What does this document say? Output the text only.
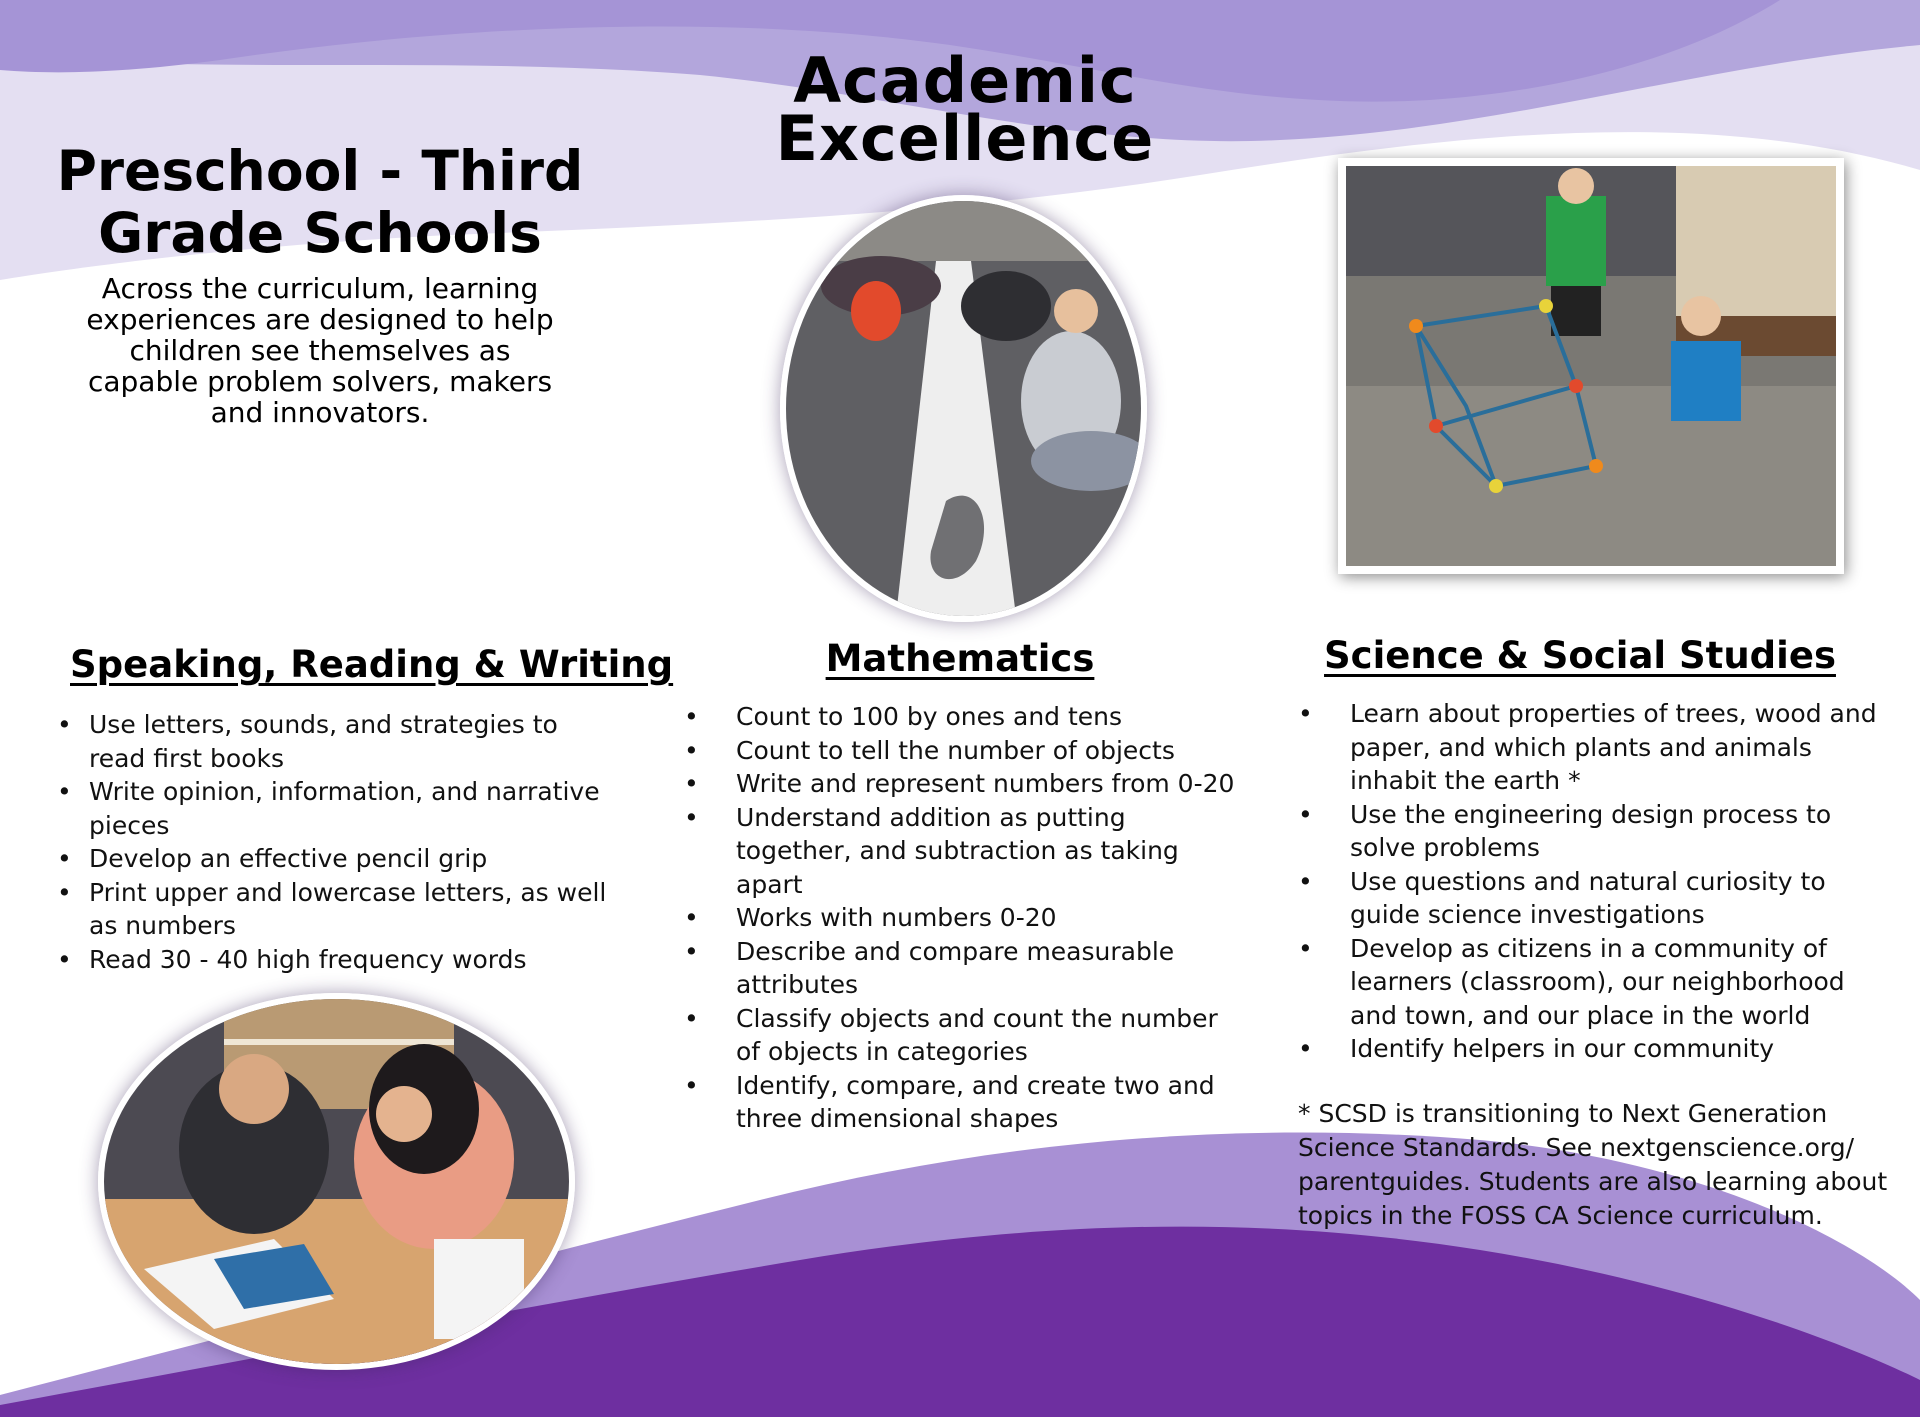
Academic
Excellence
Preschool - Third
Grade Schools

Across the curriculum, learning experiences are designed to help children see themselves as capable problem solvers, makers and innovators.

Speaking, Reading & Writing
• Use letters, sounds, and strategies to read first books
• Write opinion, information, and narrative pieces
• Develop an effective pencil grip
• Print upper and lowercase letters, as well as numbers
• Read 30 - 40 high frequency words
Mathematics
• Count to 100 by ones and tens
• Count to tell the number of objects
• Write and represent numbers from 0-20
• Understand addition as putting together, and subtraction as taking apart
• Works with numbers 0-20
• Describe and compare measurable attributes
• Classify objects and count the number of objects in categories
• Identify, compare, and create two and three dimensional shapes
Science & Social Studies
• Learn about properties of trees, wood and paper, and which plants and animals inhabit the earth *
• Use the engineering design process to solve problems
• Use questions and natural curiosity to guide science investigations
• Develop as citizens in a community of learners (classroom), our neighborhood and town, and our place in the world
• Identify helpers in our community

* SCSD is transitioning to Next Generation Science Standards. See nextgenscience.org/ parentguides. Students are also learning about topics in the FOSS CA Science curriculum.
